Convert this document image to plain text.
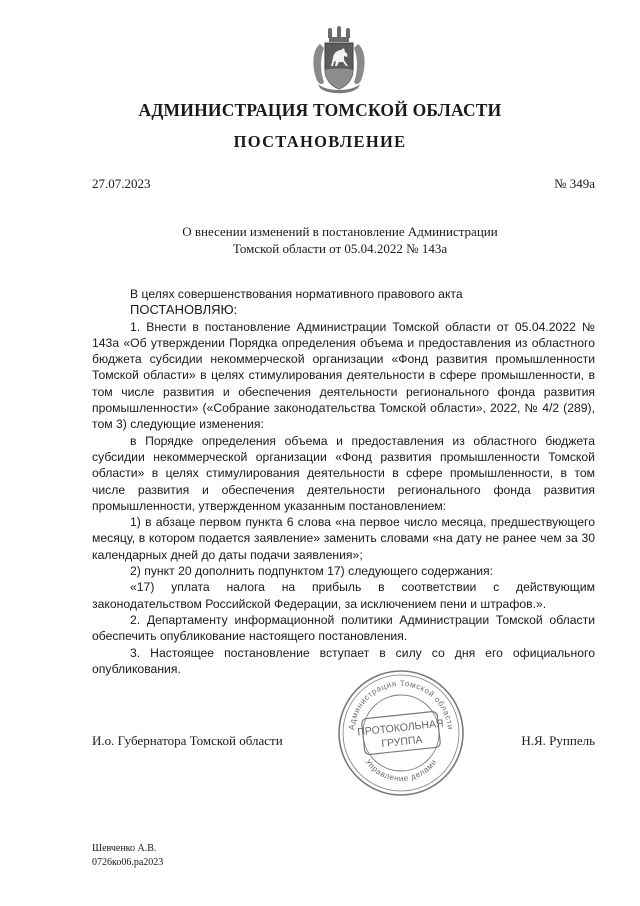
АДМИНИСТРАЦИЯ ТОМСКОЙ ОБЛАСТИ
ПОСТАНОВЛЕНИЕ
27.07.2023	№ 349а
О внесении изменений в постановление Администрации
Томской области от 05.04.2022 № 143а

В целях совершенствования нормативного правового акта

ПОСТАНОВЛЯЮ:

1. Внести в постановление Администрации Томской области от 05.04.2022 № 143а «Об утверждении Порядка определения объема и предоставления из областного бюджета субсидии некоммерческой организации «Фонд развития промышленности Томской области» в целях стимулирования деятельности в сфере промышленности, в том числе развития и обеспечения деятельности регионального фонда развития промышленности» («Собрание законодательства Томской области», 2022, № 4/2 (289), том 3) следующие изменения:

в Порядке определения объема и предоставления из областного бюджета субсидии некоммерческой организации «Фонд развития промышленности Томской области» в целях стимулирования деятельности в сфере промышленности, в том числе развития и обеспечения деятельности регионального фонда развития промышленности, утвержденном указанным постановлением:

1) в абзаце первом пункта 6 слова «на первое число месяца, предшествующего месяцу, в котором подается заявление» заменить словами «на дату не ранее чем за 30 календарных дней до даты подачи заявления»;

2) пункт 20 дополнить подпунктом 17) следующего содержания:

«17) уплата налога на прибыль в соответствии с действующим законодательством Российской Федерации, за исключением пени и штрафов.».

2. Департаменту информационной политики Администрации Томской области обеспечить опубликование настоящего постановления.

3. Настоящее постановление вступает в силу со дня его официального опубликования.

И.о. Губернатора Томской области	Н.Я. Руппель
Администрация Томской области
Управление делами
ПРОТОКОЛЬНАЯ
ГРУППА
Шевченко А.В.
0726ко06.ра2023
